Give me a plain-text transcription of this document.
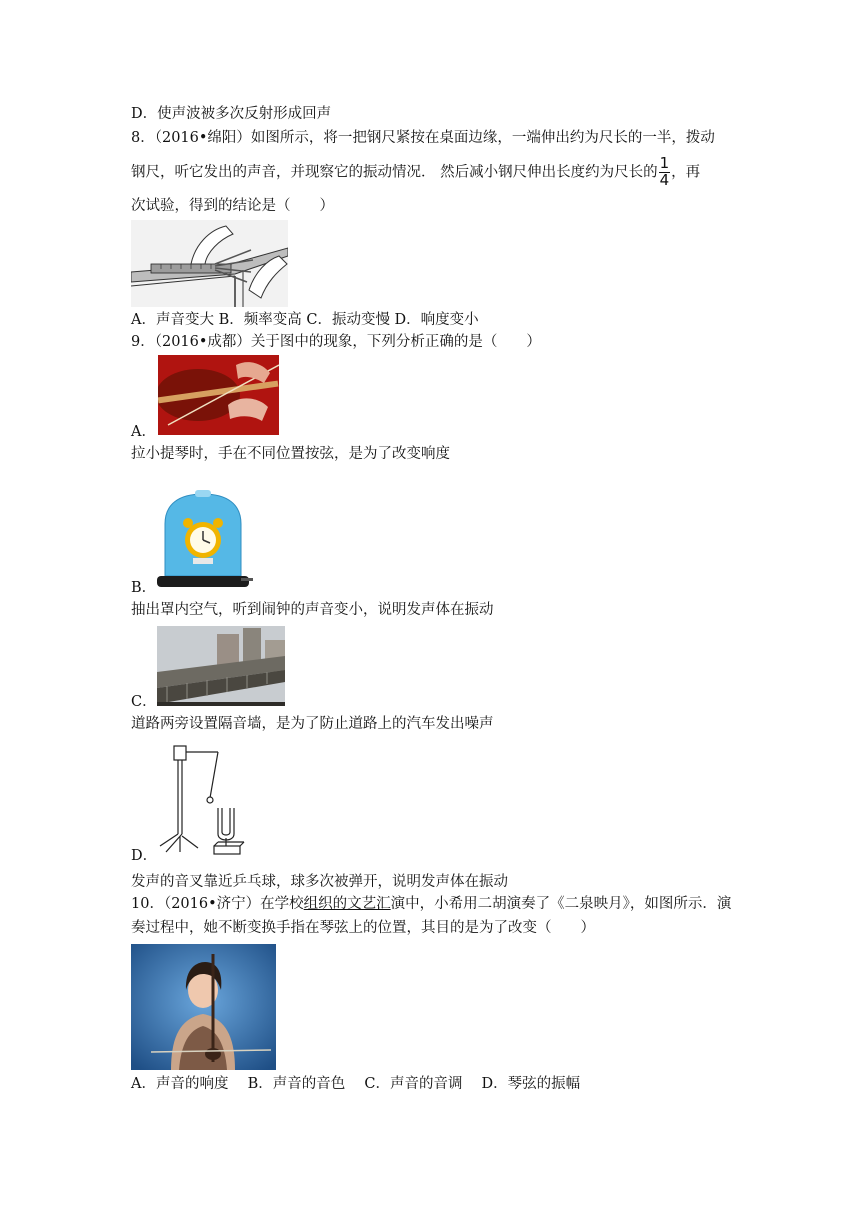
D．使声波被多次反射形成回声
8．（2016•绵阳）如图所示，将一把钢尺紧按在桌面边缘，一端伸出约为尺长的一半，拨动
钢尺，听它发出的声音，并现察它的振动情况． 然后减小钢尺伸出长度约为尺长的 $\frac{1}{4}$ ，再
次试验，得到的结论是（　　）
A．声音变大 B．频率变高 C．振动变慢 D．响度变小
9．（2016•成都）关于图中的现象，下列分析正确的是（　　）
A．
拉小提琴时，手在不同位置按弦，是为了改变响度
B．
抽出罩内空气，听到闹钟的声音变小，说明发声体在振动
C．
道路两旁设置隔音墙，是为了防止道路上的汽车发出噪声
D．
发声的音叉靠近乒乓球，球多次被弹开，说明发声体在振动
10．（2016•济宁）在学校组织的文艺汇演中，小希用二胡演奏了《二泉映月》，如图所示．演
奏过程中，她不断变换手指在琴弦上的位置，其目的是为了改变（　　）
A．声音的响度　 B．声音的音色　 C．声音的音调　 D．琴弦的振幅
